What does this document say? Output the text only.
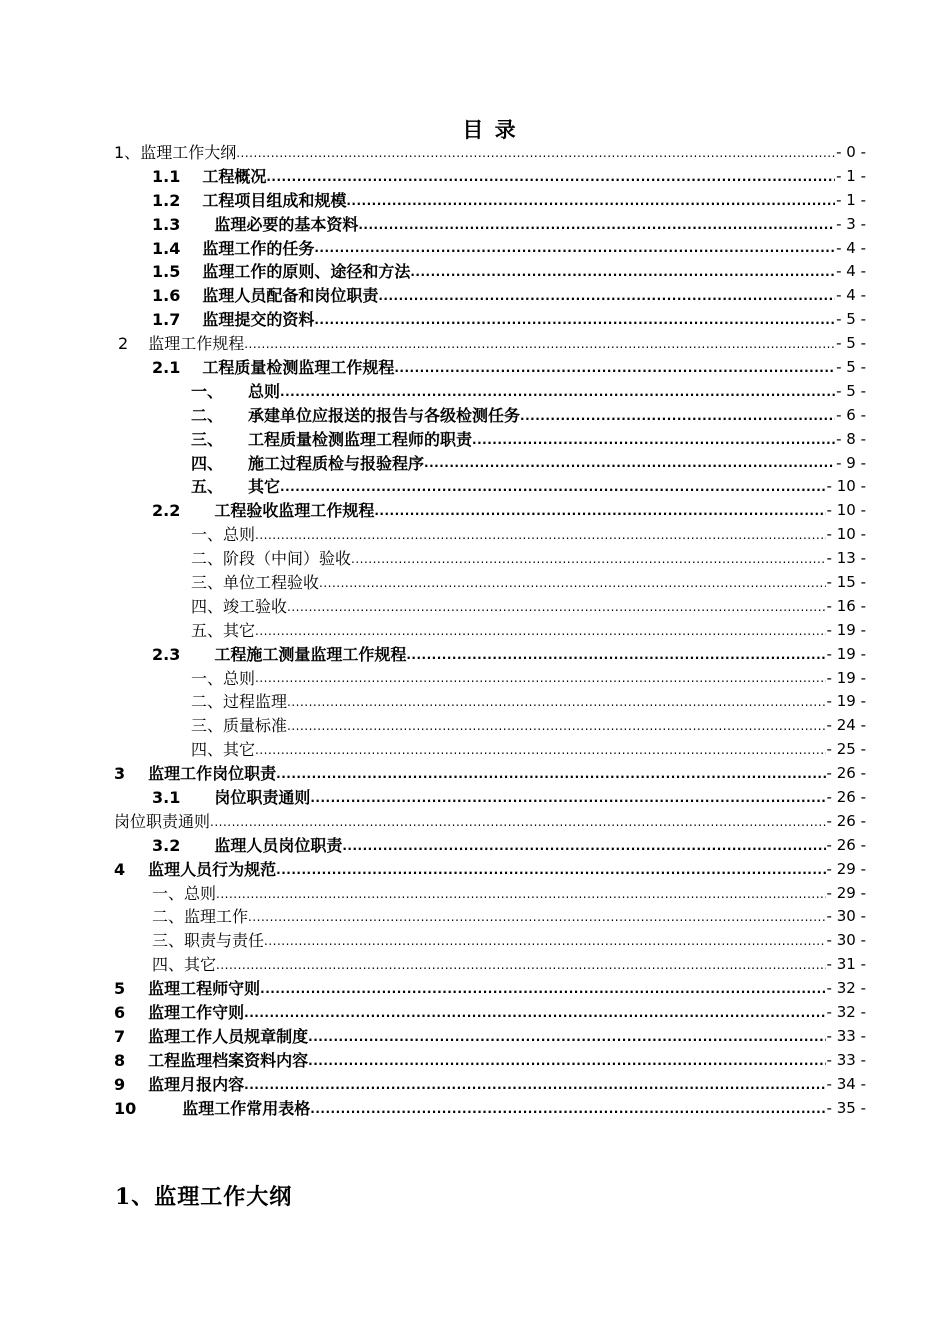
目 录
1、 监理工作大纲 .....	- 0 -
1.1 工程概况 .....	- 1 -
1.2 工程项目组成和规模 .....	- 1 -
1.3 监理必要的基本资料 .....	- 3 -
1.4 监理工作的任务 .....	- 4 -
1.5 监理工作的原则、途径和方法 .....	- 4 -
1.6 监理人员配备和岗位职责 .....	- 4 -
1.7 监理提交的资料 .....	- 5 -
2 监理工作规程 .....	- 5 -
2.1 工程质量检测监理工作规程 .....	- 5 -
一、 总则 .....	- 5 -
二、 承建单位应报送的报告与各级检测任务 .....	- 6 -
三、 工程质量检测监理工程师的职责 .....	- 8 -
四、 施工过程质检与报验程序 .....	- 9 -
五、 其它 .....	- 10 -
2.2 工程验收监理工作规程 .....	- 10 -
一、 总则 .....	- 10 -
二、 阶段（中间）验收 .....	- 13 -
三、 单位工程验收 .....	- 15 -
四、 竣工验收 .....	- 16 -
五、 其它 .....	- 19 -
2.3 工程施工测量监理工作规程 .....	- 19 -
一、 总则 .....	- 19 -
二、 过程监理 .....	- 19 -
三、 质量标准 .....	- 24 -
四、 其它 .....	- 25 -
3 监理工作岗位职责 .....	- 26 -
3.1 岗位职责通则 .....	- 26 -
岗位职责通则 .....	- 26 -
3.2 监理人员岗位职责 .....	- 26 -
4 监理人员行为规范 .....	- 29 -
一、 总则 .....	- 29 -
二、 监理工作 .....	- 30 -
三、 职责与责任 .....	- 30 -
四、 其它 .....	- 31 -
5 监理工程师守则 .....	- 32 -
6 监理工作守则 .....	- 32 -
7 监理工作人员规章制度 .....	- 33 -
8 工程监理档案资料内容 .....	- 33 -
9 监理月报内容 .....	- 34 -
10	监理工作常用表格 .....	- 35 -
1、监理工作大纲
